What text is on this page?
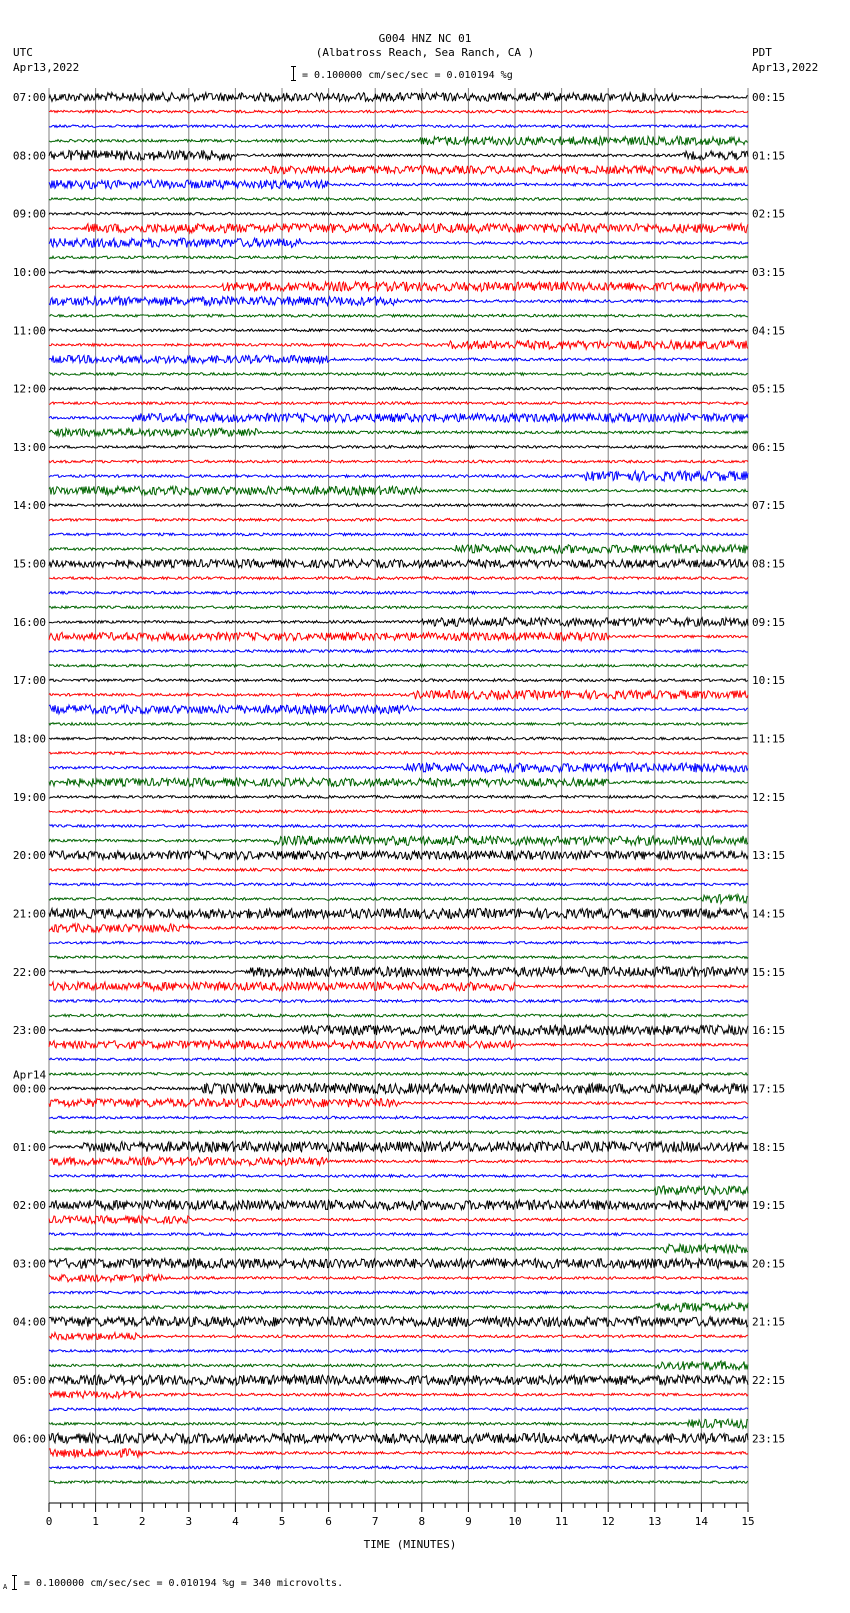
G004 HNZ NC 01
(Albatross Reach, Sea Ranch, CA )
= 0.100000 cm/sec/sec = 0.010194 %g
UTC
Apr13,2022
PDT
Apr13,2022
0	1	2	3	4	5	6	7	8	9	10	11	12	13	14	15
07:00
08:00
09:00
10:00
11:00
12:00
13:00
14:00
15:00
16:00
17:00
18:00
19:00
20:00
21:00
22:00
23:00
00:00
Apr14
01:00
02:00
03:00
04:00
05:00
06:00
00:15
01:15
02:15
03:15
04:15
05:15
06:15
07:15
08:15
09:15
10:15
11:15
12:15
13:15
14:15
15:15
16:15
17:15
18:15
19:15
20:15
21:15
22:15
23:15
TIME (MINUTES)
A = 0.100000 cm/sec/sec = 0.010194 %g = 340 microvolts.
